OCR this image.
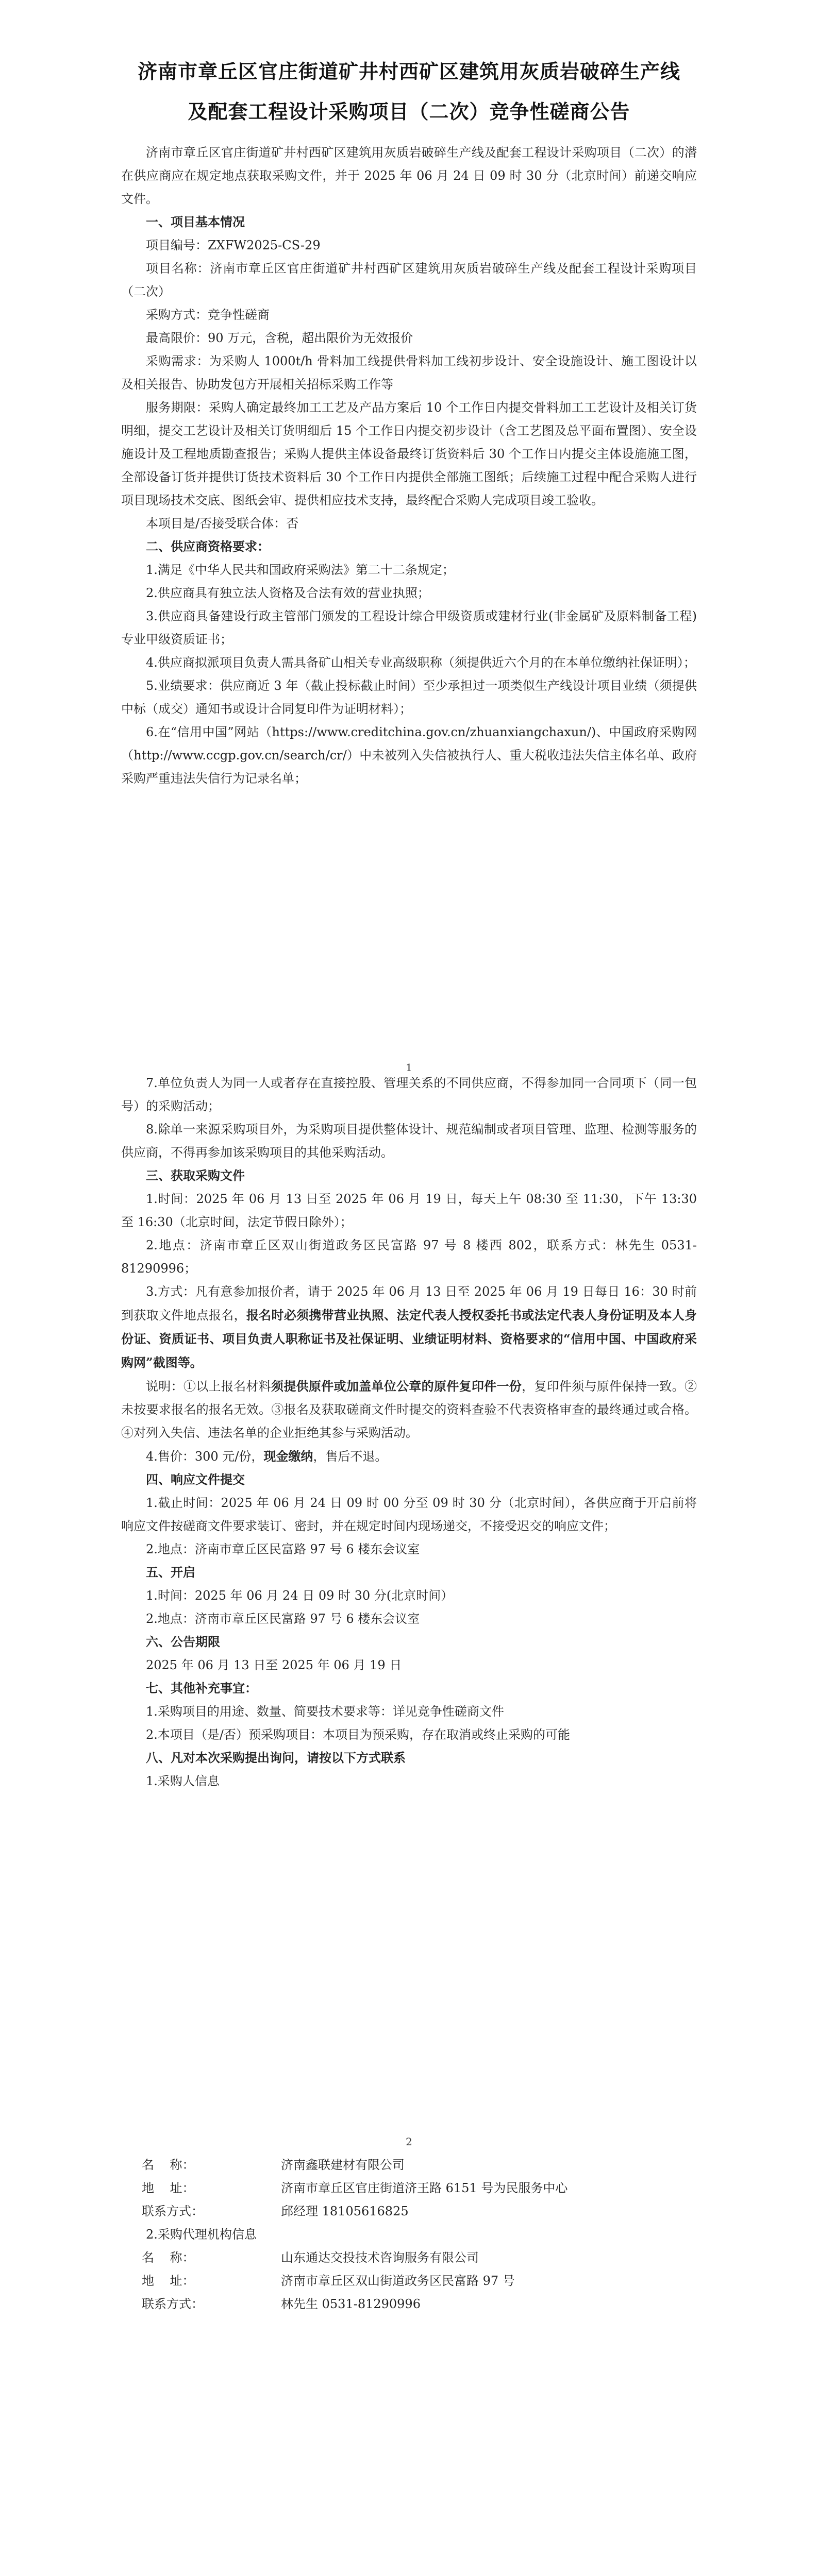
济南市章丘区官庄街道矿井村西矿区建筑用灰质岩破碎生产线
及配套工程设计采购项目（二次）竞争性磋商公告

济南市章丘区官庄街道矿井村西矿区建筑用灰质岩破碎生产线及配套工程设计采购项目（二次）的潜在供应商应在规定地点获取采购文件，并于 2025 年 06 月 24 日 09 时 30 分（北京时间）前递交响应文件。

一、项目基本情况

项目编号：ZXFW2025-CS-29

项目名称：济南市章丘区官庄街道矿井村西矿区建筑用灰质岩破碎生产线及配套工程设计采购项目（二次）

采购方式：竞争性磋商

最高限价：90 万元，含税，超出限价为无效报价

采购需求：为采购人 1000t/h 骨料加工线提供骨料加工线初步设计、安全设施设计、施工图设计以及相关报告、协助发包方开展相关招标采购工作等

服务期限：采购人确定最终加工工艺及产品方案后 10 个工作日内提交骨料加工工艺设计及相关订货明细，提交工艺设计及相关订货明细后 15 个工作日内提交初步设计（含工艺图及总平面布置图）、安全设施设计及工程地质勘查报告；采购人提供主体设备最终订货资料后 30 个工作日内提交主体设施施工图，全部设备订货并提供订货技术资料后 30 个工作日内提供全部施工图纸；后续施工过程中配合采购人进行项目现场技术交底、图纸会审、提供相应技术支持，最终配合采购人完成项目竣工验收。

本项目是/否接受联合体：否

二、供应商资格要求：

1.满足《中华人民共和国政府采购法》第二十二条规定；

2.供应商具有独立法人资格及合法有效的营业执照；

3.供应商具备建设行政主管部门颁发的工程设计综合甲级资质或建材行业(非金属矿及原料制备工程)专业甲级资质证书；

4.供应商拟派项目负责人需具备矿山相关专业高级职称（须提供近六个月的在本单位缴纳社保证明）；

5.业绩要求：供应商近 3 年（截止投标截止时间）至少承担过一项类似生产线设计项目业绩（须提供中标（成交）通知书或设计合同复印件为证明材料）；

6.在“信用中国”网站（https://www.creditchina.gov.cn/zhuanxiangchaxun/)、中国政府采购网（http://www.ccgp.gov.cn/search/cr/）中未被列入失信被执行人、重大税收违法失信主体名单、政府采购严重违法失信行为记录名单；

1

7.单位负责人为同一人或者存在直接控股、管理关系的不同供应商，不得参加同一合同项下（同一包号）的采购活动；

8.除单一来源采购项目外，为采购项目提供整体设计、规范编制或者项目管理、监理、检测等服务的供应商，不得再参加该采购项目的其他采购活动。

三、获取采购文件

1.时间：2025 年 06 月 13 日至 2025 年 06 月 19 日，每天上午 08:30 至 11:30，下午 13:30 至 16:30（北京时间，法定节假日除外）；

2.地点：济南市章丘区双山街道政务区民富路 97 号 8 楼西 802，联系方式：林先生 0531-81290996；

3.方式：凡有意参加报价者，请于 2025 年 06 月 13 日至 2025 年 06 月 19 日每日 16：30 时前到获取文件地点报名，报名时必须携带营业执照、法定代表人授权委托书或法定代表人身份证明及本人身份证、资质证书、项目负责人职称证书及社保证明、业绩证明材料、资格要求的“信用中国、中国政府采购网”截图等。

说明：①以上报名材料须提供原件或加盖单位公章的原件复印件一份，复印件须与原件保持一致。②未按要求报名的报名无效。③报名及获取磋商文件时提交的资料查验不代表资格审查的最终通过或合格。④对列入失信、违法名单的企业拒绝其参与采购活动。

4.售价：300 元/份，现金缴纳，售后不退。

四、响应文件提交

1.截止时间：2025 年 06 月 24 日 09 时 00 分至 09 时 30 分（北京时间），各供应商于开启前将响应文件按磋商文件要求装订、密封，并在规定时间内现场递交，不接受迟交的响应文件；

2.地点：济南市章丘区民富路 97 号 6 楼东会议室

五、开启

1.时间：2025 年 06 月 24 日 09 时 30 分(北京时间）

2.地点：济南市章丘区民富路 97 号 6 楼东会议室

六、公告期限

2025 年 06 月 13 日至 2025 年 06 月 19 日

七、其他补充事宜：

1.采购项目的用途、数量、简要技术要求等：详见竞争性磋商文件

2.本项目（是/否）预采购项目：本项目为预采购，存在取消或终止采购的可能

八、凡对本次采购提出询问，请按以下方式联系

1.采购人信息

2
名    称：	济南鑫联建材有限公司
地    址：	济南市章丘区官庄街道济王路 6151 号为民服务中心
联系方式：	邱经理 18105616825

2.采购代理机构信息

名    称：	山东通达交投技术咨询服务有限公司
地    址：	济南市章丘区双山街道政务区民富路 97 号
联系方式：	林先生 0531-81290996
